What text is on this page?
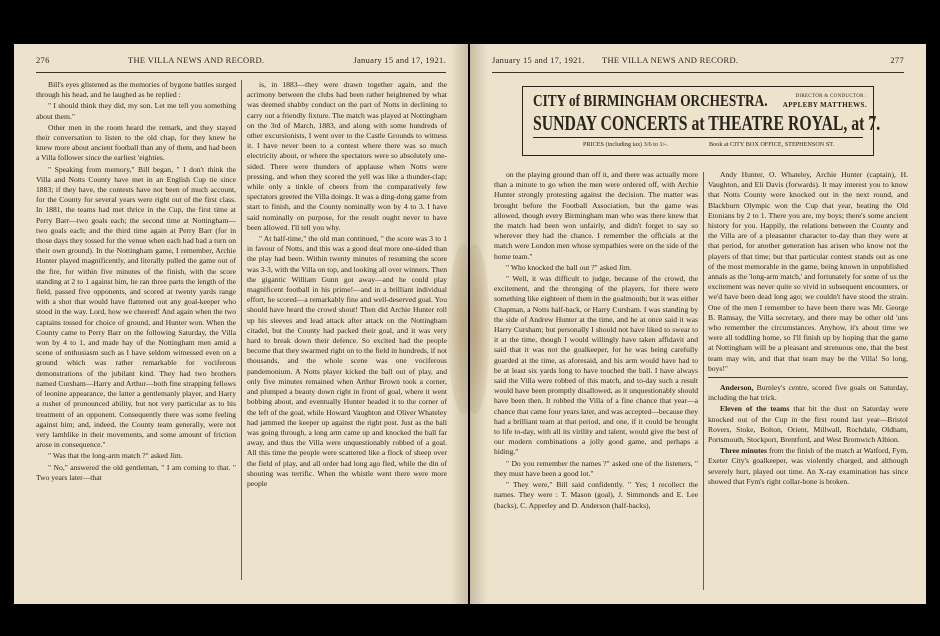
276	THE VILLA NEWS AND RECORD.	January 15 and 17, 1921.

Bill's eyes glistened as the memories of bygone battles surged through his head, and he laughed as he replied :

" I should think they did, my son. Let me tell you something about them."

Other men in the room heard the remark, and they stayed their conversation to listen to the old chap, for they knew he knew more about ancient football than any of them, and had been a Villa follower since the earliest 'eighties.

" Speaking from memory," Bill began, " I don't think the Villa and Notts County have met in an English Cup tie since 1883; if they have, the contests have not been of much account, for the County for several years were right out of the first class. In 1881, the teams had met thrice in the Cup, the first time at Perry Barr—two goals each; the second time at Nottingham—two goals each; and the third time again at Perry Barr (for in those days they tossed for the venue when each had had a turn on their own ground). In the Nottingham game, I remember, Archie Hunter played magnificently, and literally pulled the game out of the fire, for within five minutes of the finish, with the score standing at 2 to 1 against him, he ran three parts the length of the field, passed five opponents, and scored at twenty yards range with a shot that would have flattened out any goal-keeper who stood in the way. Lord, how we cheered! And again when the two captains tossed for choice of ground, and Hunter won. When the County came to Perry Barr on the following Saturday, the Villa won by 4 to 1, and made hay of the Nottingham men amid a scene of enthusiasm such as I have seldom witnessed even on a ground which was rather remarkable for vociferous demonstrations of the jubilant kind. They had two brothers named Cursham—Harry and Arthur—both fine strapping fellows of leonine appearance, the latter a gentlemanly player, and Harry a rusher of pronounced ability, but not very particular as to his treatment of an opponent. Consequently there was some feeling against him; and, indeed, the County team generally, were not very lamblike in their movements, and some amount of friction arose in consequence."

" Was that the long-arm match ?" asked Jim.

" No," answered the old gentleman, " I am coming to that. " Two years later—that

is, in 1883—they were drawn together again, and the acrimony between the clubs had been rather heightened by what was deemed shabby conduct on the part of Notts in declining to carry out a friendly fixture. The match was played at Nottingham on the 3rd of March, 1883, and along with some hundreds of other excursionists, I went over to the Castle Grounds to witness it. I have never been to a contest where there was so much electricity about, or where the spectators were so absolutely one-sided. There were thunders of applause when Notts were pressing, and when they scored the yell was like a thunder-clap; while only a tinkle of cheers from the comparatively few spectators greeted the Villa doings. It was a ding-dong game from start to finish, and the County nominally won by 4 to 3. I have said nominally on purpose, for the result ought never to have been allowed. I'll tell you why.

" At half-time," the old man continued, " the score was 3 to 1 in favour of Notts, and this was a good deal more one-sided than the play had been. Within twenty minutes of resuming the score was 3-3, with the Villa on top, and looking all over winners. Then the gigantic William Gunn got away—and he could play magnificent football in his prime!—and in a brilliant individual effort, he scored—a remarkably fine and well-deserved goal. You should have heard the crowd shout! Then did Archie Hunter roll up his sleeves and lead attack after attack on the Nottingham citadel, but the County had packed their goal, and it was very hard to break down their defence. So excited had the people become that they swarmed right on to the field in hundreds, if not thousands, and the whole scene was one vociferous pandemonium. A Notts player kicked the ball out of play, and only five minutes remained when Arthur Brown took a corner, and plumped a beauty down right in front of goal, where it went bobbing about, and eventually Hunter headed it to the corner of the left of the goal, while Howard Vaughton and Oliver Whateley had jammed the keeper up against the right post. Just as the ball was going through, a long arm came up and knocked the ball far away, and thus the Villa were unquestionably robbed of a goal. All this time the people were scattered like a flock of sheep over the field of play, and all order had long ago fled, while the din of shouting was terrific. When the whistle went there were more people

January 15 and 17, 1921. THE VILLA NEWS AND RECORD.	277
CITY of BIRMINGHAM ORCHESTRA.	DIRECTOR & CONDUCTOR :
APPLEBY MATTHEWS.
SUNDAY CONCERTS at THEATRE ROYAL, at 7.
PRICES (including tax) 3/6 to 1/-.	Book at CITY BOX OFFICE, STEPHENSON ST.

on the playing ground than off it, and there was actually more than a minute to go when the men were ordered off, with Archie Hunter strongly protesting against the decision. The matter was brought before the Football Association, but the game was allowed, though every Birmingham man who was there knew that the match had been won unfairly, and didn't forget to say so wherever they had the chance. I remember the officials at the match were London men whose sympathies were on the side of the home team."

" Who knocked the ball out ?" asked Jim.

" Well, it was difficult to judge, because of the crowd, the excitement, and the thronging of the players, for there were something like eighteen of them in the goalmouth; but it was either Chapman, a Notts half-back, or Harry Cursham. I was standing by the side of Andrew Hunter at the time, and he at once said it was Harry Cursham; but personally I should not have liked to swear to it at the time, though I would willingly have taken affidavit and said that it was not the goalkeeper, for he was being carefully guarded at the time, as aforesaid, and his arm would have had to be at least six yards long to have touched the ball. I have always said the Villa were robbed of this match, and to-day such a result would have been promptly disallowed, as it unquestionably should have been then. It robbed the Villa of a fine chance that year—a chance that came four years later, and was accepted—because they had a brilliant team at that period, and one, if it could be brought to life to-day, with all its virility and talent, would give the best of our modern combinations a jolly good game, and perhaps a hiding."

" Do you remember the names ?" asked one of the listeners, " they must have been a good lot."

" They were," Bill said confidently. " Yes; I recollect the names. They were : T. Mason (goal), J. Simmonds and E. Lee (backs), C. Apperley and D. Anderson (half-backs),

Andy Hunter, O. Whateley, Archie Hunter (captain), H. Vaughton, and Eli Davis (forwards). It may interest you to know that Notts County were knocked out in the next round, and Blackburn Olympic won the Cup that year, beating the Old Etonians by 2 to 1. There you are, my boys; there's some ancient history for you. Happily, the relations between the County and the Villa are of a pleasanter character to-day than they were at that period, for another generation has arisen who know not the players of that time; but that particular contest stands out as one of the most memorable in the game, being known in unpublished annals as the 'long-arm match,' and fortunately for some of us the excitement was never quite so vivid in subsequent encounters, or we'd have been dead long ago; we couldn't have stood the strain. One of the men I remember to have been there was Mr. George B. Ramsay, the Villa secretary, and there may be other old 'uns who remember the circumstances. Anyhow, it's about time we were all toddling home, so I'll finish up by hoping that the game at Nottingham will be a pleasant and strenuous one, that the best team may win, and that that team may be the Villa! So long, boys!"

Anderson, Burnley's centre, scored five goals on Saturday, including the hat trick.

Eleven of the teams that bit the dust on Saturday were knocked out of the Cup in the first round last year—Bristol Rovers, Stoke, Bolton, Orient, Millwall, Rochdale, Oldham, Portsmouth, Stockport, Brentford, and West Bromwich Albion.

Three minutes from the finish of the match at Watford, Fym, Exeter City's goalkeeper, was violently charged, and although severely hurt, played out time. An X-ray examination has since showed that Fym's right collar-bone is broken.
